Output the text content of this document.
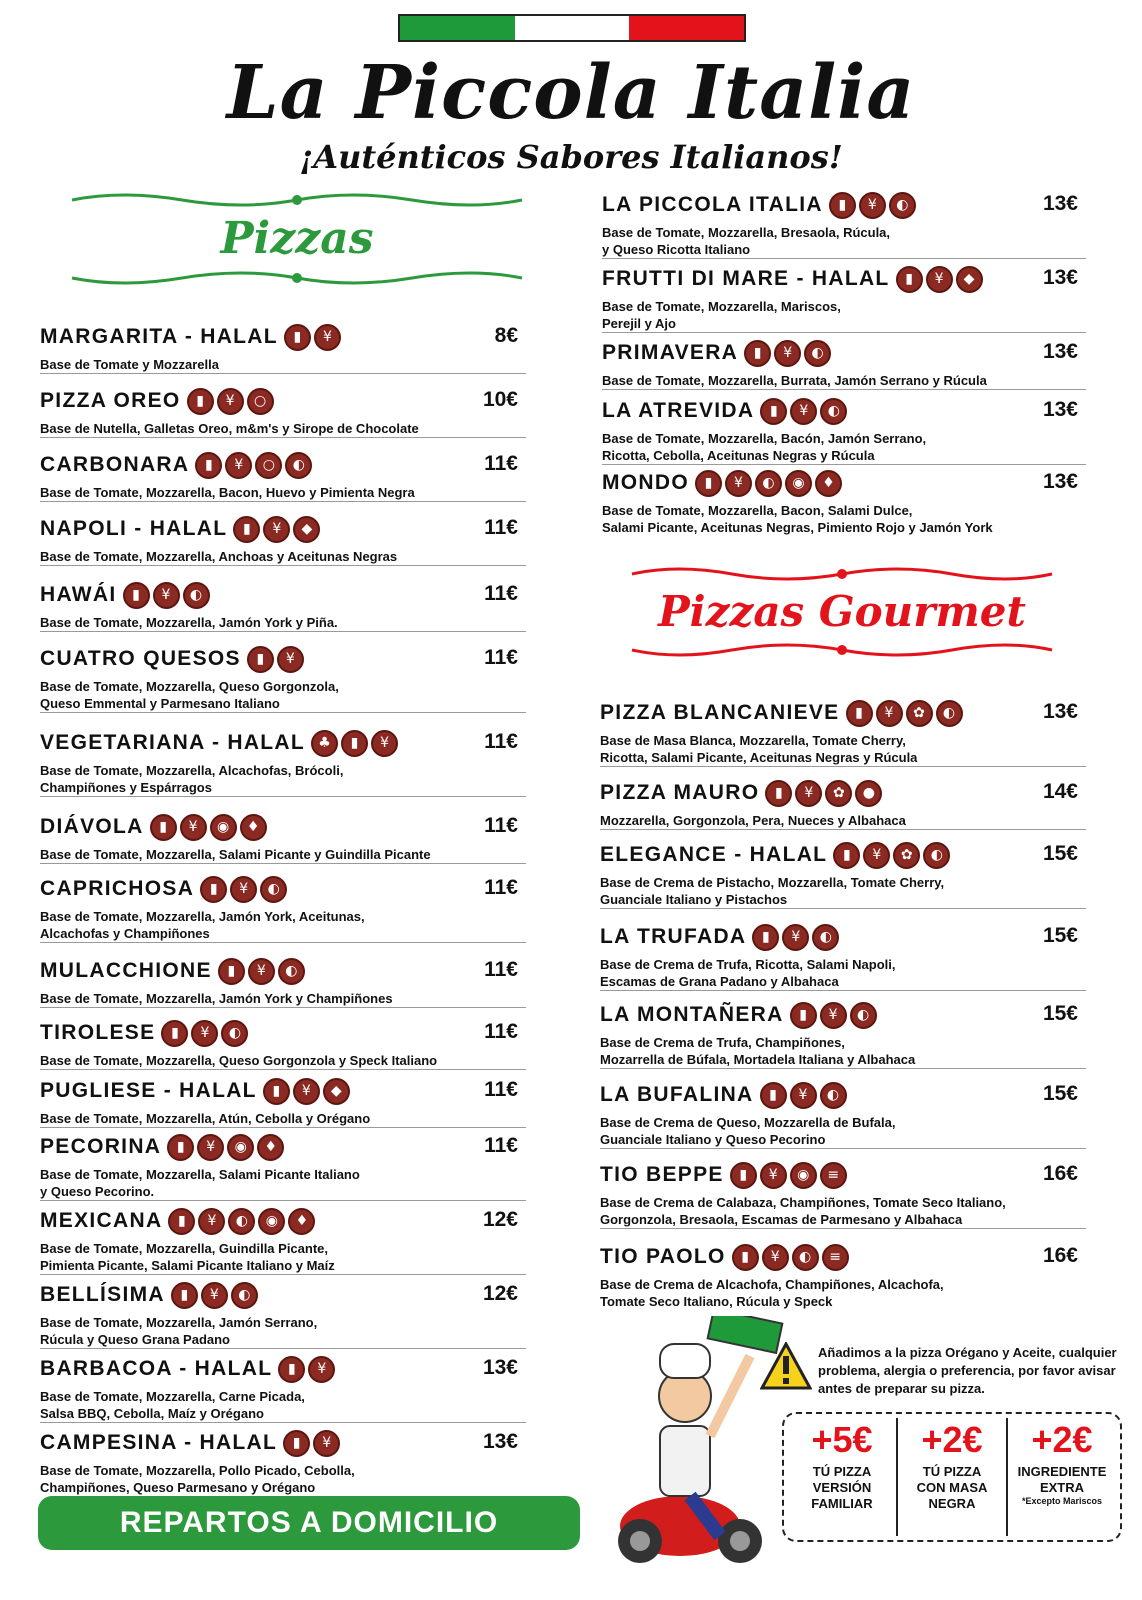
La Piccola Italia
¡Auténticos Sabores Italianos!
Pizzas
Pizzas Gourmet
MARGARITA - HALAL	▮	¥	8€
Base de Tomate y Mozzarella
PIZZA OREO	▮	¥	○	10€
Base de Nutella, Galletas Oreo, m&m's y Sirope de Chocolate
CARBONARA	▮	¥	○	◐	11€
Base de Tomate, Mozzarella, Bacon, Huevo y Pimienta Negra
NAPOLI - HALAL	▮	¥	◆	11€
Base de Tomate, Mozzarella, Anchoas y Aceitunas Negras
HAWÁI	▮	¥	◐	11€
Base de Tomate, Mozzarella, Jamón York y Piña.
CUATRO QUESOS	▮	¥	11€
Base de Tomate, Mozzarella, Queso Gorgonzola,
Queso Emmental y Parmesano Italiano
VEGETARIANA - HALAL ♣	▮	¥	11€
Base de Tomate, Mozzarella, Alcachofas, Brócoli,
Champiñones y Espárragos
DIÁVOLA	▮	¥	◉	♦	11€
Base de Tomate, Mozzarella, Salami Picante y Guindilla Picante
CAPRICHOSA	▮	¥	◐	11€
Base de Tomate, Mozzarella, Jamón York, Aceitunas,
Alcachofas y Champiñones
MULACCHIONE	▮	¥	◐	11€
Base de Tomate, Mozzarella, Jamón York y Champiñones
TIROLESE	▮	¥	◐	11€
Base de Tomate, Mozzarella, Queso Gorgonzola y Speck Italiano
PUGLIESE - HALAL	▮	¥	◆	11€
Base de Tomate, Mozzarella, Atún, Cebolla y Orégano
PECORINA	▮	¥	◉	♦	11€
Base de Tomate, Mozzarella, Salami Picante Italiano
y Queso Pecorino.
MEXICANA	▮	¥	◐	◉	♦	12€
Base de Tomate, Mozzarella, Guindilla Picante,
Pimienta Picante, Salami Picante Italiano y Maíz
BELLÍSIMA	▮	¥	◐	12€
Base de Tomate, Mozzarella, Jamón Serrano,
Rúcula y Queso Grana Padano
BARBACOA - HALAL	▮	¥	13€
Base de Tomate, Mozzarella, Carne Picada,
Salsa BBQ, Cebolla, Maíz y Orégano
CAMPESINA - HALAL	▮	¥	13€
Base de Tomate, Mozzarella, Pollo Picado, Cebolla,
Champiñones, Queso Parmesano y Orégano
LA PICCOLA ITALIA	▮	¥	◐	13€
Base de Tomate, Mozzarella, Bresaola, Rúcula,
y Queso Ricotta Italiano
FRUTTI DI MARE - HALAL	▮	¥	◆	13€
Base de Tomate, Mozzarella, Mariscos,
Perejil y Ajo
PRIMAVERA	▮	¥	◐	13€
Base de Tomate, Mozzarella, Burrata, Jamón Serrano y Rúcula
LA ATREVIDA	▮	¥	◐	13€
Base de Tomate, Mozzarella, Bacón, Jamón Serrano,
Ricotta, Cebolla, Aceitunas Negras y Rúcula
MONDO	▮	¥	◐	◉	♦	13€
Base de Tomate, Mozzarella, Bacon, Salami Dulce,
Salami Picante, Aceitunas Negras, Pimiento Rojo y Jamón York
PIZZA BLANCANIEVE	▮	¥	✿	◐	13€
Base de Masa Blanca, Mozzarella, Tomate Cherry,
Ricotta, Salami Picante, Aceitunas Negras y Rúcula
PIZZA MAURO	▮	¥	✿	●	14€
Mozzarella, Gorgonzola, Pera, Nueces y Albahaca
ELEGANCE - HALAL	▮	¥	✿	◐	15€
Base de Crema de Pistacho, Mozzarella, Tomate Cherry,
Guanciale Italiano y Pistachos
LA TRUFADA	▮	¥	◐	15€
Base de Crema de Trufa, Ricotta, Salami Napoli,
Escamas de Grana Padano y Albahaca
LA MONTAÑERA	▮	¥	◐	15€
Base de Crema de Trufa, Champiñones,
Mozarrella de Búfala, Mortadela Italiana y Albahaca
LA BUFALINA	▮	¥	◐	15€
Base de Crema de Queso, Mozzarella de Bufala,
Guanciale Italiano y Queso Pecorino
TIO BEPPE	▮	¥	◉	≡	16€
Base de Crema de Calabaza, Champiñones, Tomate Seco Italiano,
Gorgonzola, Bresaola, Escamas de Parmesano y Albahaca
TIO PAOLO	▮	¥	◐	≡	16€
Base de Crema de Alcachofa, Champiñones, Alcachofa,
Tomate Seco Italiano, Rúcula y Speck
Añadimos a la pizza Orégano y Aceite, cualquier problema, alergia o preferencia, por favor avisar antes de preparar su pizza.
+5€
TÚ PIZZA
VERSIÓN
FAMILIAR
+2€
TÚ PIZZA
CON MASA
NEGRA
+2€
INGREDIENTE
EXTRA
*Excepto Mariscos
REPARTOS A DOMICILIO
